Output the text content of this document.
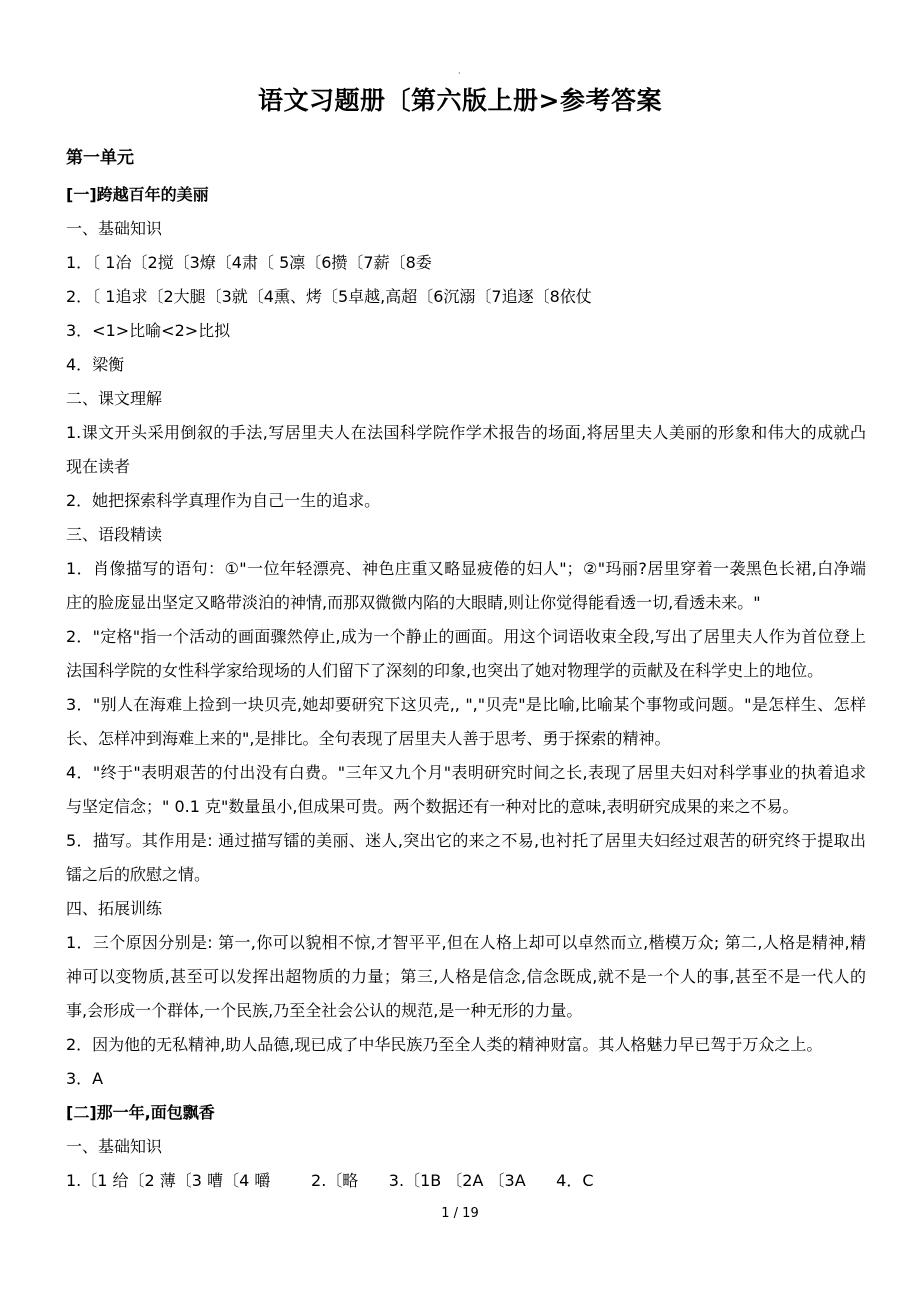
·
语文习题册〔第六版上册>参考答案
第一单元
[一]跨越百年的美丽
一、基础知识
1．〔 1冶〔2搅〔3燎〔4肃〔 5凛〔6攒〔7薪〔8委
2．〔 1追求〔2大腿〔3就〔4熏、烤〔5卓越,高超〔6沉溺〔7追逐〔8依仗
3．<1>比喻<2>比拟
4．梁衡
二、课文理解
1.课文开头采用倒叙的手法,写居里夫人在法国科学院作学术报告的场面,将居里夫人美丽的形象和伟大的成就凸
现在读者
2．她把探索科学真理作为自己一生的追求。
三、语段精读
1．肖像描写的语句：①"一位年轻漂亮、神色庄重又略显疲倦的妇人"；②"玛丽?居里穿着一袭黑色长裙,白净端
庄的脸庞显出坚定又略带淡泊的神情,而那双微微内陷的大眼睛,则让你觉得能看透一切,看透未来。"
2．"定格"指一个活动的画面骤然停止,成为一个静止的画面。用这个词语收束全段,写出了居里夫人作为首位登上
法国科学院的女性科学家给现场的人们留下了深刻的印象,也突出了她对物理学的贡献及在科学史上的地位。
3．"别人在海难上捡到一块贝壳,她却要研究下这贝壳,, ","贝壳"是比喻,比喻某个事物或问题。"是怎样生、怎样
长、怎样冲到海难上来的",是排比。全句表现了居里夫人善于思考、勇于探索的精神。
4．"终于"表明艰苦的付出没有白费。"三年又九个月"表明研究时间之长,表现了居里夫妇对科学事业的执着追求
与坚定信念；" 0.1 克"数量虽小,但成果可贵。两个数据还有一种对比的意味,表明研究成果的来之不易。
5．描写。其作用是: 通过描写镭的美丽、迷人,突出它的来之不易,也衬托了居里夫妇经过艰苦的研究终于提取出
镭之后的欣慰之情。
四、拓展训练
1．三个原因分别是: 第一,你可以貌相不惊,才智平平,但在人格上却可以卓然而立,楷模万众; 第二,人格是精神,精
神可以变物质,甚至可以发挥出超物质的力量；第三,人格是信念,信念既成,就不是一个人的事,甚至不是一代人的
事,会形成一个群体,一个民族,乃至全社会公认的规范,是一种无形的力量。
2．因为他的无私精神,助人品德,现已成了中华民族乃至全人类的精神财富。其人格魅力早已驾于万众之上。
3．A
[二]那一年,面包飘香
一、基础知识
1.〔1 给〔2 薄〔3 嘈〔4 嚼        2.〔略      3.〔1B 〔2A 〔3A      4．C
1 / 19
